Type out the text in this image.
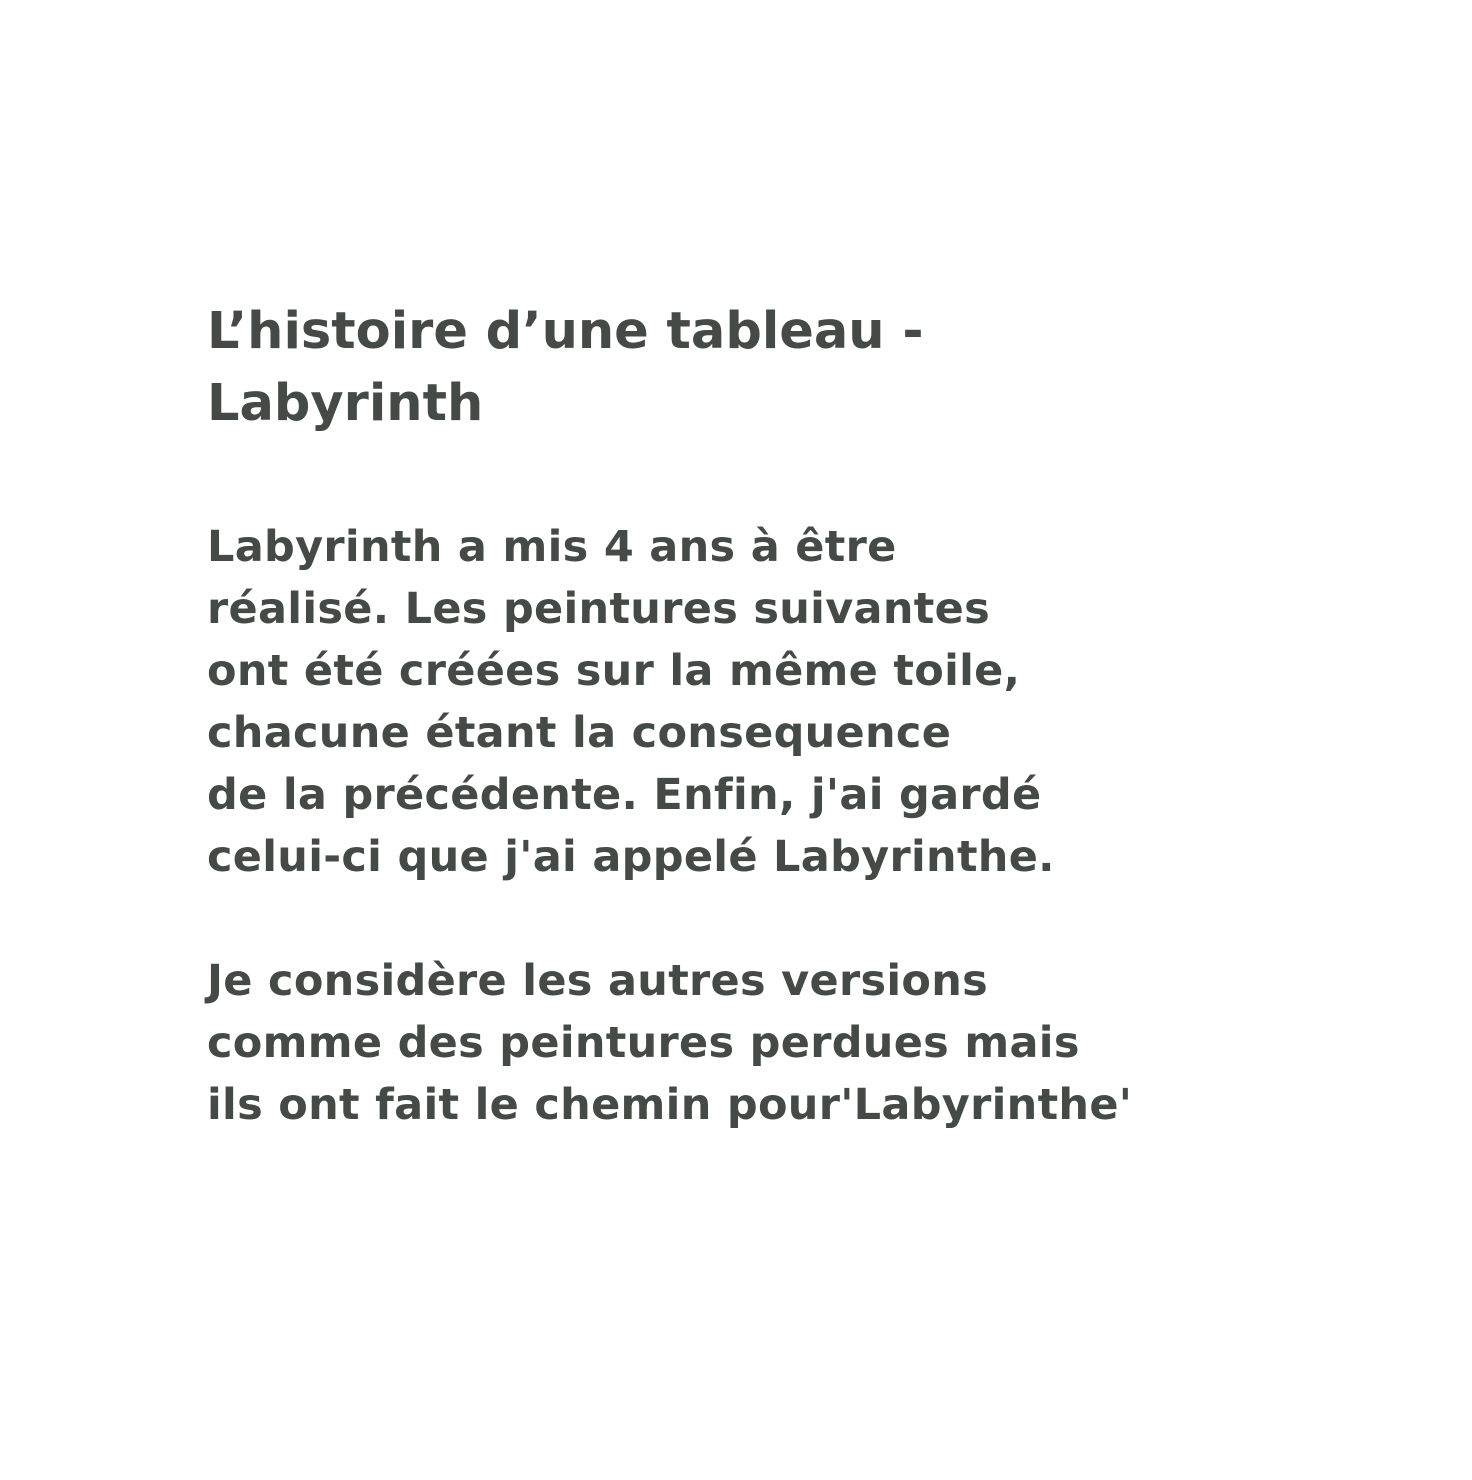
L’histoire d’une tableau -
Labyrinth

Labyrinth a mis 4 ans à être
réalisé. Les peintures suivantes
ont été créées sur la même toile,
chacune étant la consequence
de la précédente. Enfin, j'ai gardé
celui-ci que j'ai appelé Labyrinthe.

Je considère les autres versions
comme des peintures perdues mais
ils ont fait le chemin pour'Labyrinthe'
